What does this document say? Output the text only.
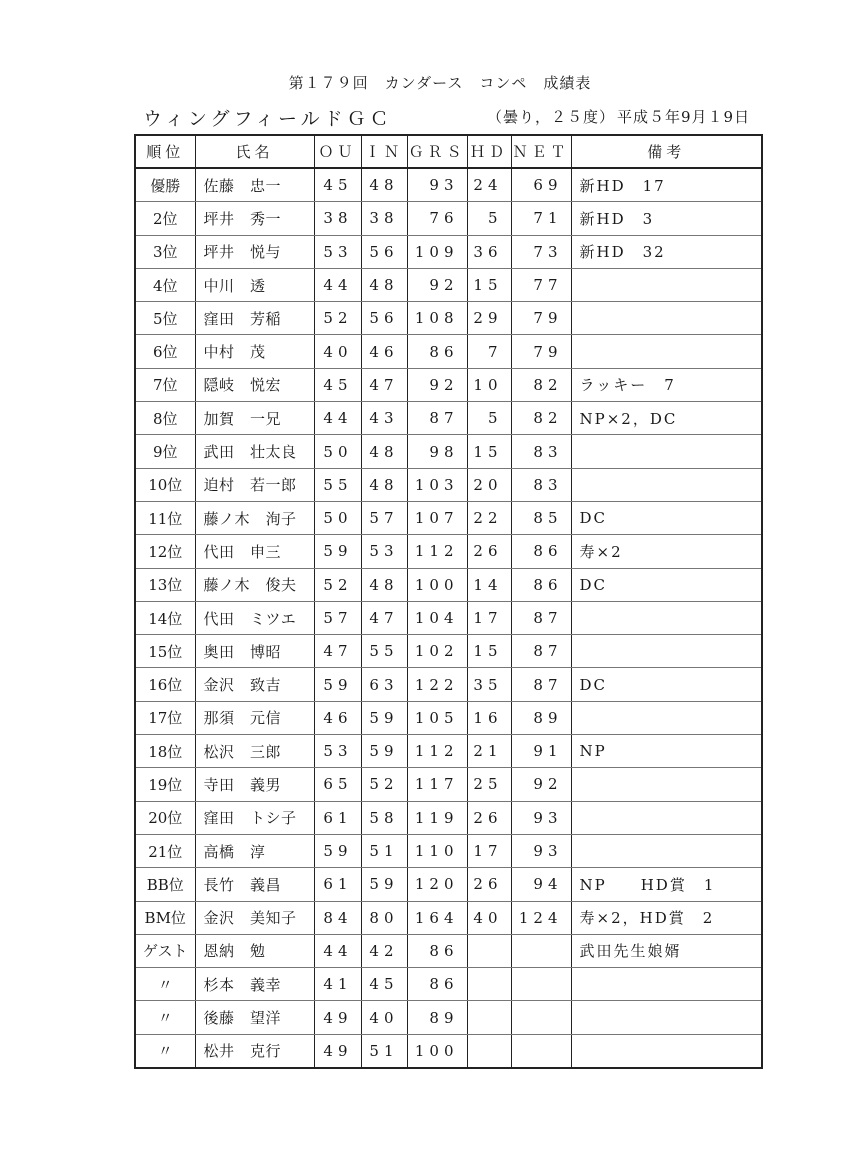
第１７９回　カンダース　コンペ　成績表
ウィングフィールドＧＣ	（曇り，２５度） 平成５年9月１9日
順位	氏名	ＯＵ	ＩＮ	ＧＲＳ	ＨＤ	ＮＥＴ	備考
優勝	佐藤　忠一	45	48	93	24	69	新HD　17
2位	坪井　秀一	38	38	76	5	71	新HD　3
3位	坪井　悦与	53	56	109	36	73	新HD　32
4位	中川　透	44	48	92	15	77	
5位	窪田　芳稲	52	56	108	29	79	
6位	中村　茂	40	46	86	7	79	
7位	隠岐　悦宏	45	47	92	10	82	ラッキー　7
8位	加賀　一兄	44	43	87	5	82	NP×2，DC
9位	武田　壮太良	50	48	98	15	83	
10位	迫村　若一郎	55	48	103	20	83	
11位	藤ノ木　洵子	50	57	107	22	85	DC
12位	代田　申三	59	53	112	26	86	寿×2
13位	藤ノ木　俊夫	52	48	100	14	86	DC
14位	代田　ミツエ	57	47	104	17	87	
15位	奥田　博昭	47	55	102	15	87	
16位	金沢　致吉	59	63	122	35	87	DC
17位	那須　元信	46	59	105	16	89	
18位	松沢　三郎	53	59	112	21	91	NP
19位	寺田　義男	65	52	117	25	92	
20位	窪田　トシ子	61	58	119	26	93	
21位	高橋　淳	59	51	110	17	93	
BB位	長竹　義昌	61	59	120	26	94	NP　　HD賞　1
BM位	金沢　美知子	84	80	164	40	124	寿×2，HD賞　2
ゲスト	恩納　勉	44	42	86			武田先生娘婿
〃	杉本　義幸	41	45	86			
〃	後藤　望洋	49	40	89			
〃	松井　克行	49	51	100			
